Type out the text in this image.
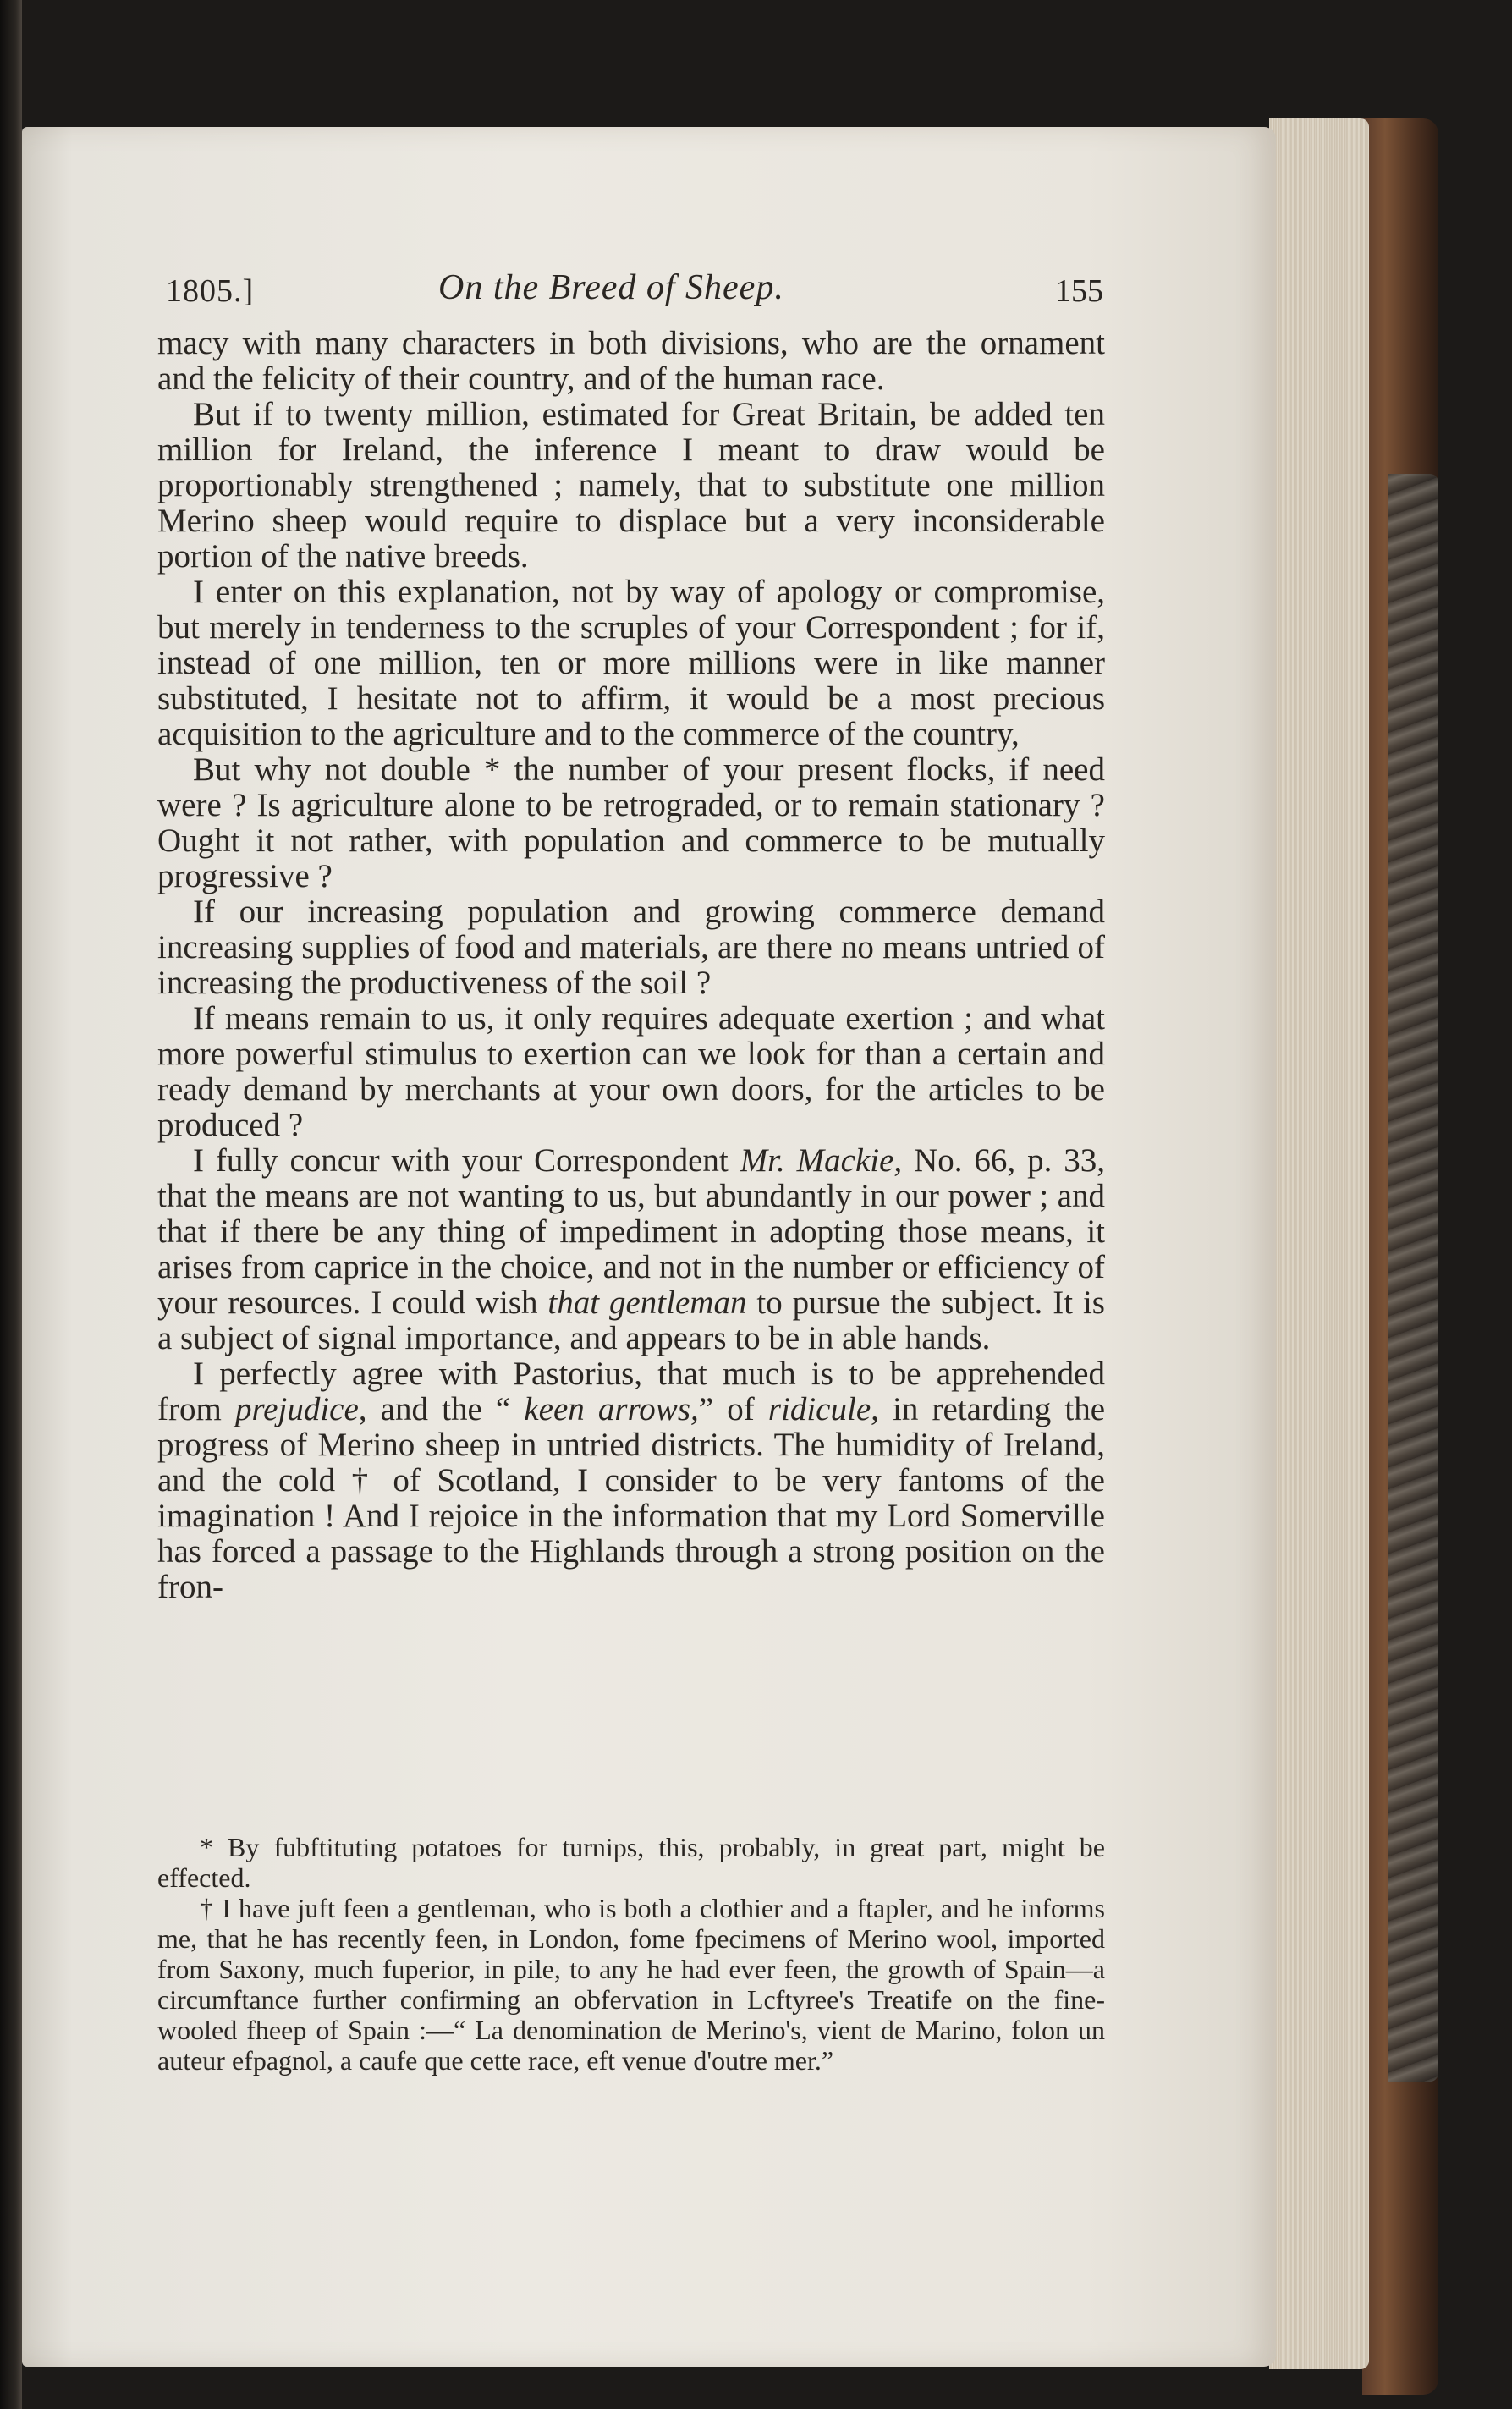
1805.]	On the Breed of Sheep.	155

macy with many characters in both divisions, who are the ornament and the felicity of their country, and of the human race.

But if to twenty million, estimated for Great Britain, be added ten million for Ireland, the inference I meant to draw would be proportionably strengthened ; namely, that to substitute one million Merino sheep would require to displace but a very inconsiderable portion of the native breeds.

I enter on this explanation, not by way of apology or compromise, but merely in tenderness to the scruples of your Correspondent ; for if, instead of one million, ten or more millions were in like manner substituted, I hesitate not to affirm, it would be a most precious acquisition to the agriculture and to the commerce of the country,

But why not double * the number of your present flocks, if need were ? Is agriculture alone to be retrograded, or to remain stationary ? Ought it not rather, with population and commerce to be mutually progressive ?

If our increasing population and growing commerce demand increasing supplies of food and materials, are there no means untried of increasing the productiveness of the soil ?

If means remain to us, it only requires adequate exertion ; and what more powerful stimulus to exertion can we look for than a certain and ready demand by merchants at your own doors, for the articles to be produced ?

I fully concur with your Correspondent Mr. Mackie, No. 66, p. 33, that the means are not wanting to us, but abundantly in our power ; and that if there be any thing of impediment in adopting those means, it arises from caprice in the choice, and not in the number or efficiency of your resources. I could wish that gentleman to pursue the subject. It is a subject of signal importance, and appears to be in able hands.

I perfectly agree with Pastorius, that much is to be apprehended from prejudice, and the “ keen arrows,” of ridicule, in retarding the progress of Merino sheep in untried districts. The humidity of Ireland, and the cold † of Scotland, I consider to be very fantoms of the imagination ! And I rejoice in the information that my Lord Somerville has forced a passage to the Highlands through a strong position on the fron-

* By fubftituting potatoes for turnips, this, probably, in great part, might be effected.

† I have juft feen a gentleman, who is both a clothier and a ftapler, and he informs me, that he has recently feen, in London, fome fpecimens of Merino wool, imported from Saxony, much fuperior, in pile, to any he had ever feen, the growth of Spain—a circumftance further confirming an obfervation in Lcftyree's Treatife on the fine-wooled fheep of Spain :—“ La denomination de Merino's, vient de Marino, folon un auteur efpagnol, a caufe que cette race, eft venue d'outre mer.”
